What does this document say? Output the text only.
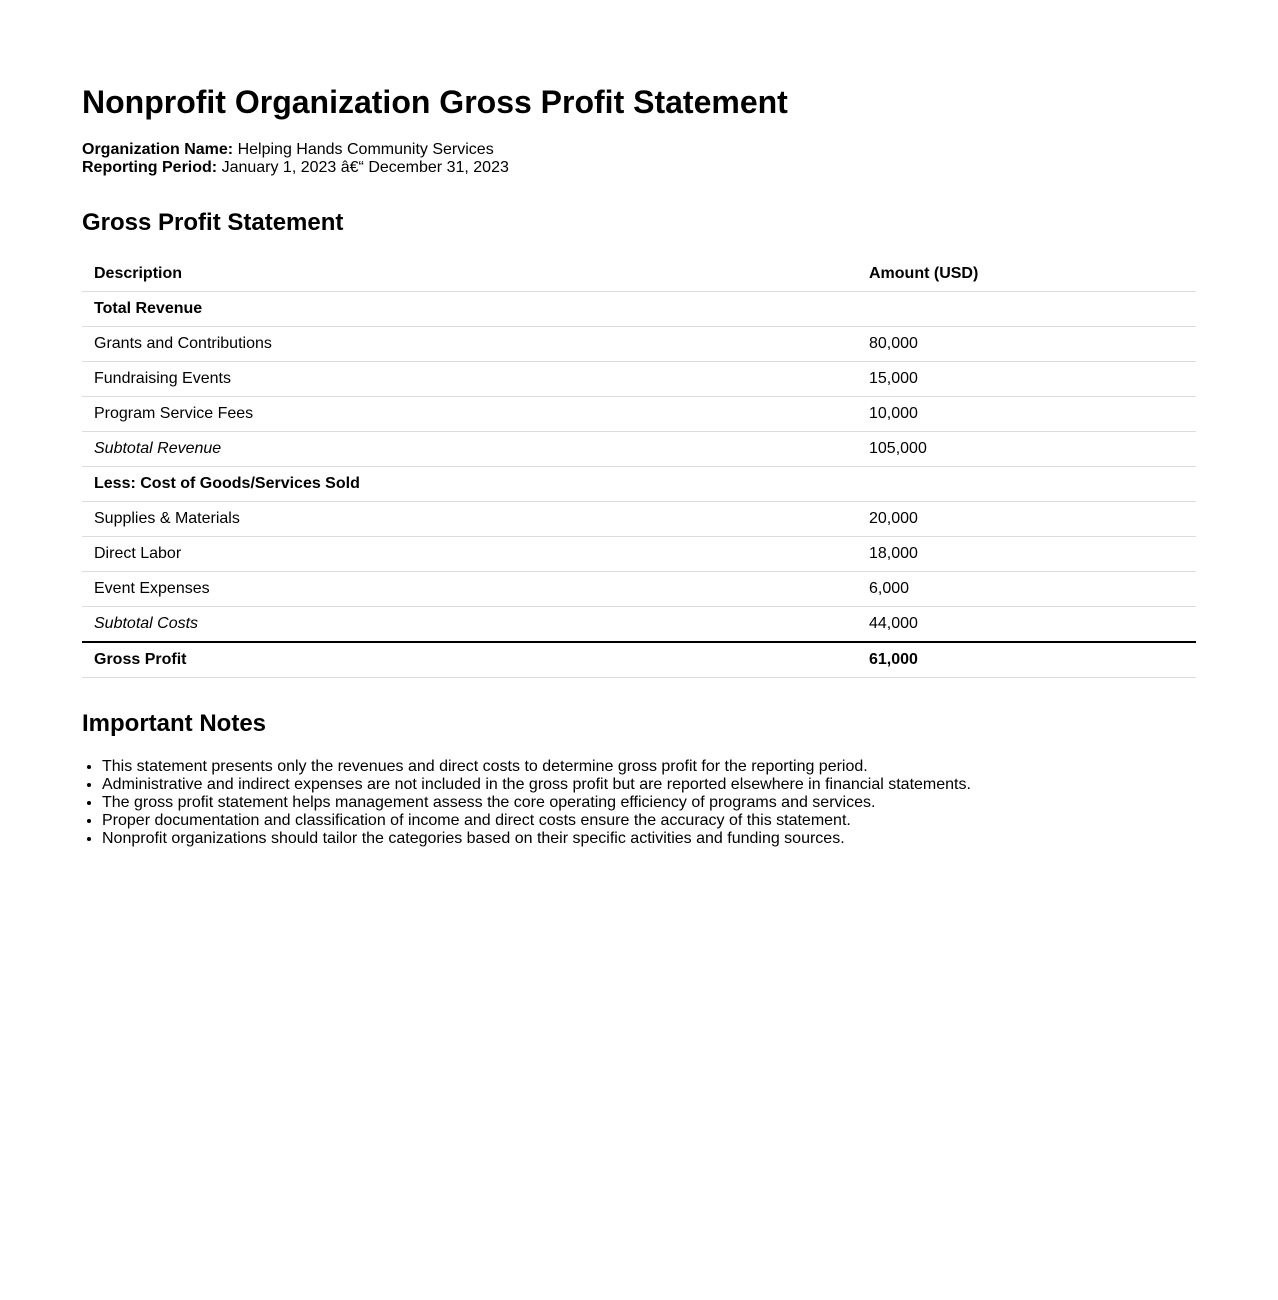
Nonprofit Organization Gross Profit Statement
Organization Name: Helping Hands Community Services
Reporting Period: January 1, 2023 â€“ December 31, 2023
Gross Profit Statement
Description	Amount (USD)
Total Revenue	
Grants and Contributions	80,000
Fundraising Events	15,000
Program Service Fees	10,000
Subtotal Revenue	105,000
Less: Cost of Goods/Services Sold	
Supplies & Materials	20,000
Direct Labor	18,000
Event Expenses	6,000
Subtotal Costs	44,000
Gross Profit	61,000
Important Notes
• This statement presents only the revenues and direct costs to determine gross profit for the reporting period.
• Administrative and indirect expenses are not included in the gross profit but are reported elsewhere in financial statements.
• The gross profit statement helps management assess the core operating efficiency of programs and services.
• Proper documentation and classification of income and direct costs ensure the accuracy of this statement.
• Nonprofit organizations should tailor the categories based on their specific activities and funding sources.
